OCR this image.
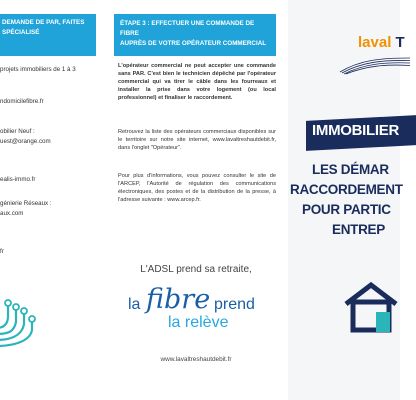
DEMANDE DE PAR, FAITES
SPÉCIALISÉ
projets immobiliers de 1 à 3
ndomicilefibre.fr
obilier Neuf :
uest@orange.com
ealis-immo.fr
génierie Réseaux :
aux.com
fr
ÉTAPE 3 : EFFECTUER UNE COMMANDE DE FIBRE
AUPRÈS DE VOTRE OPÉRATEUR COMMERCIAL

L'opérateur commercial ne peut accepter une commande sans PAR. C'est bien le technicien dépêché par l'opérateur commercial qui va tirer le câble dans les fourreaux et installer la prise dans votre logement (ou local professionnel) et finaliser le raccordement.

Retrouvez la liste des opérateurs commerciaux disponibles sur le territoire sur notre site internet, www.lavaltreshautdebit.fr, dans l'onglet "Opérateur".

Pour plus d'informations, vous pouvez consulter le site de l'ARCEP, l'Autorité de régulation des communications électroniques, des postes et de la distribution de la presse, à l'adresse suivante : www.arcep.fr.

L'ADSL prend sa retraite,
la fibre prend
la relève
www.lavaltreshautdebit.fr
laval T
IMMOBILIER
LES DÉMAR
RACCORDEMENT
POUR PARTIC
ENTREP
